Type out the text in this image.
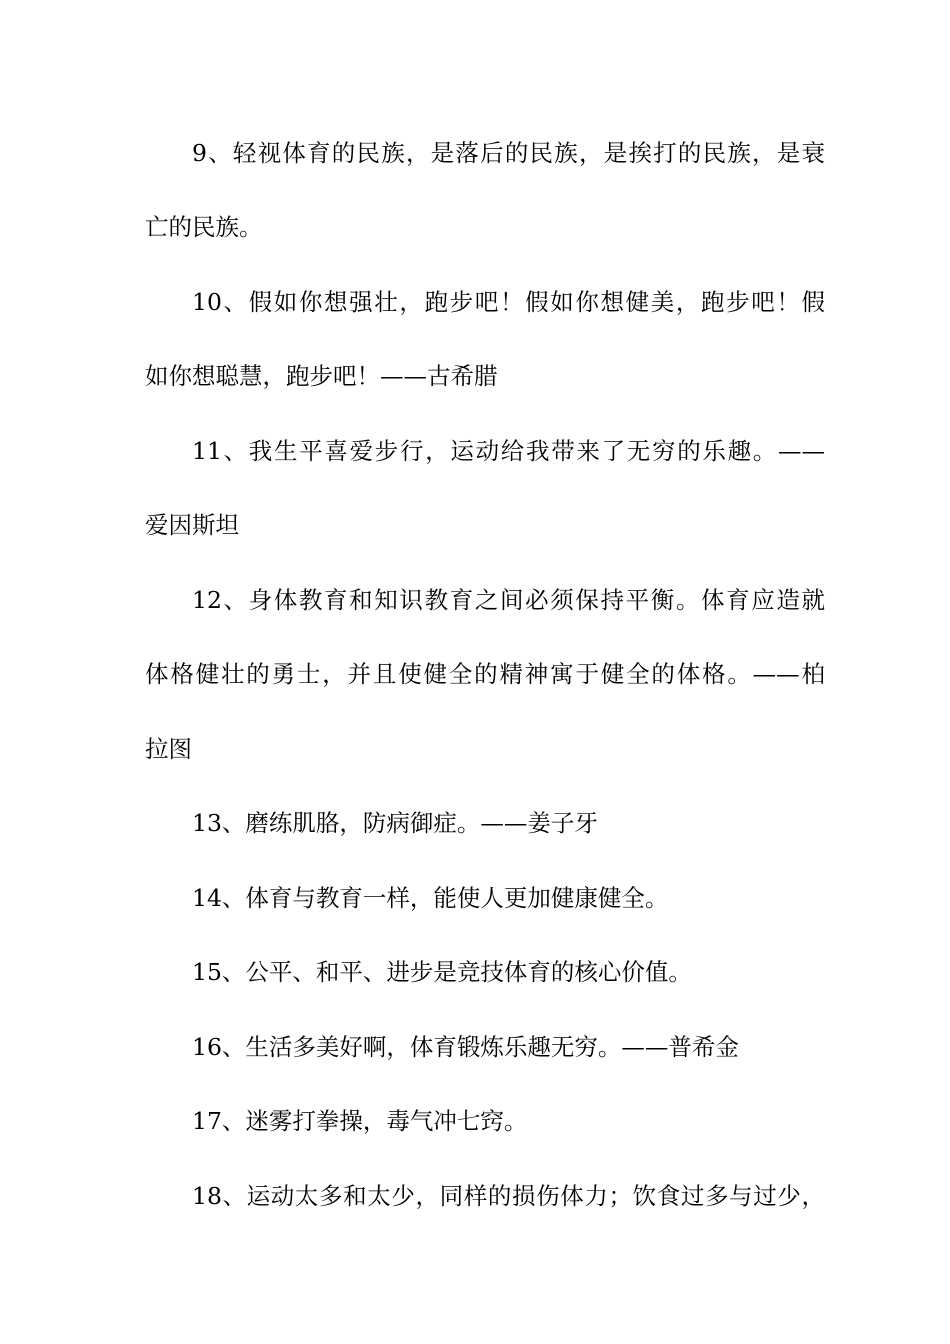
9、轻视体育的民族，是落后的民族，是挨打的民族，是衰
亡的民族。
10、假如你想强壮，跑步吧！假如你想健美，跑步吧！假
如你想聪慧，跑步吧！——古希腊
11、我生平喜爱步行，运动给我带来了无穷的乐趣。——
爱因斯坦
12、身体教育和知识教育之间必须保持平衡。体育应造就
体格健壮的勇士，并且使健全的精神寓于健全的体格。——柏
拉图
13、磨练肌胳，防病御症。——姜子牙
14、体育与教育一样，能使人更加健康健全。
15、公平、和平、进步是竞技体育的核心价值。
16、生活多美好啊，体育锻炼乐趣无穷。——普希金
17、迷雾打拳操，毒气冲七窍。
18、运动太多和太少，同样的损伤体力；饮食过多与过少，
